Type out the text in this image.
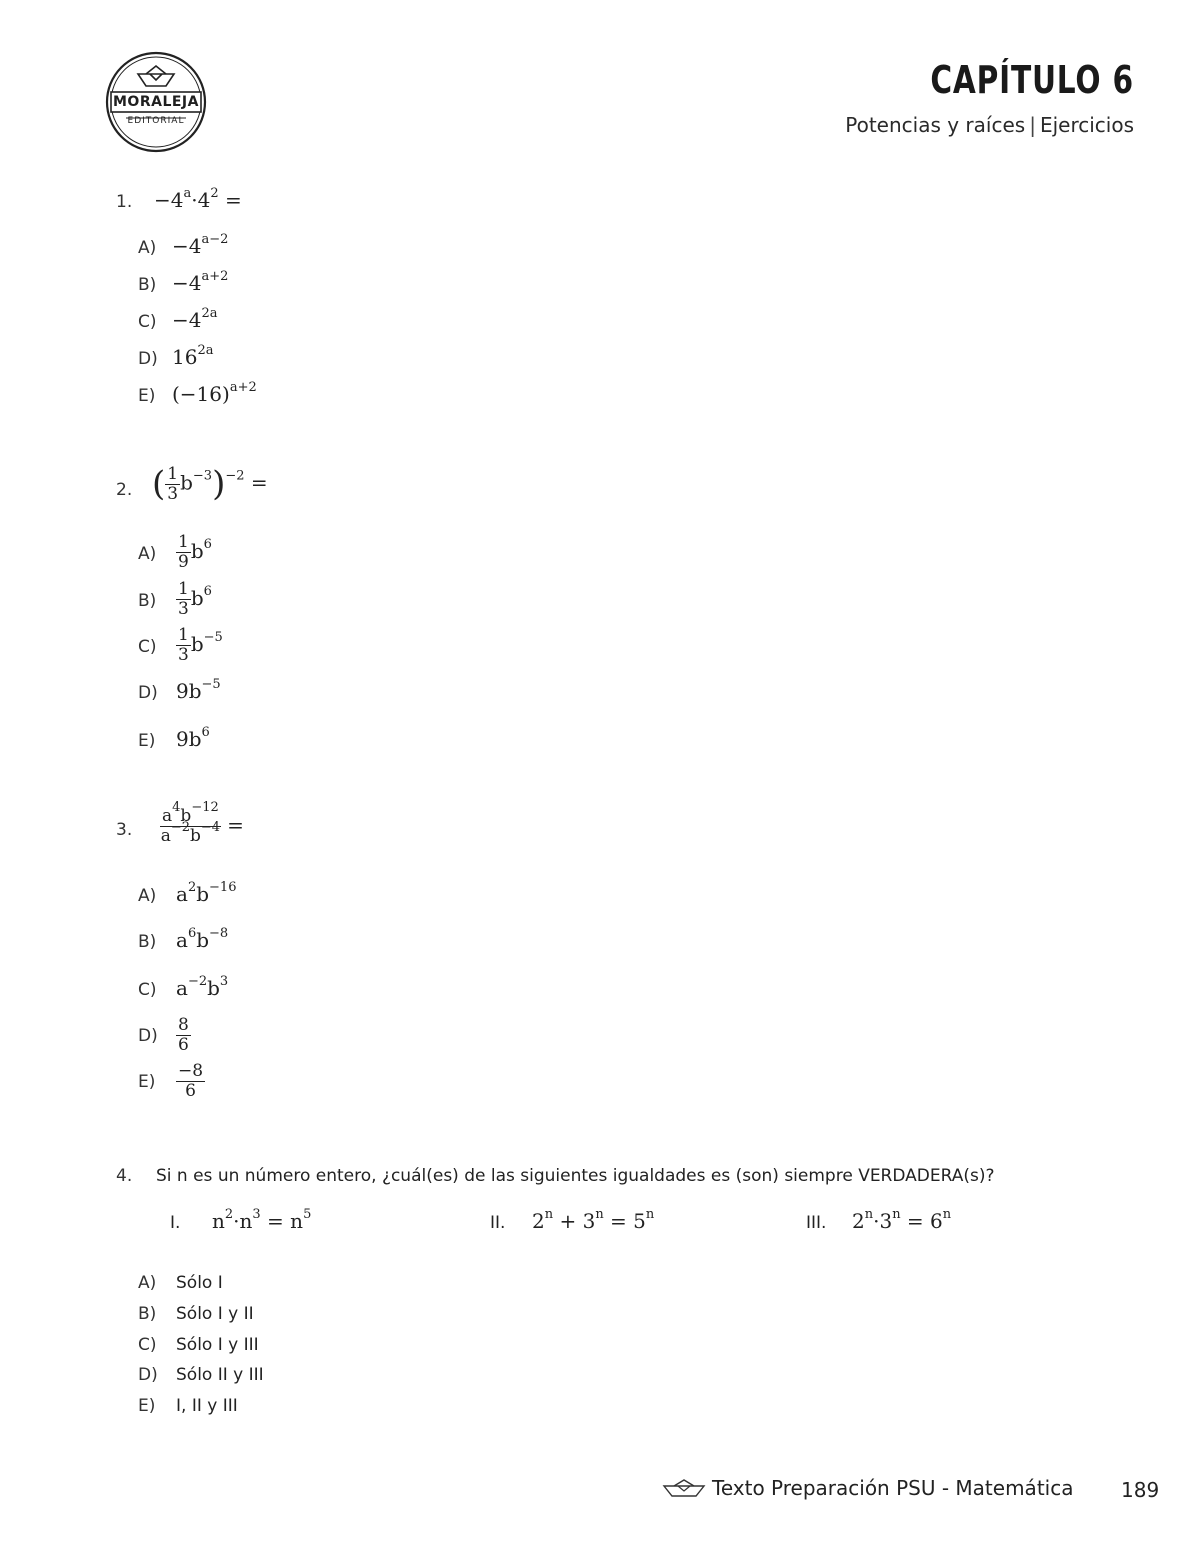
MORALEJA
EDITORIAL
CAPÍTULO 6
Potencias y raíces | Ejercicios
1. $-4^a\cdot 4^2$ =
$A) -4^{a-2}$
$B) -4^{a+2}$
$C) -4^{2a}$
D) $16^{2a}$
E) $(-16)^{a+2}$
2. ( $\frac{1}{3} b^{-3})^{-2}$ =
$A) \frac{1}{9} b^6$
$B) \frac{1}{3} b^6$
$C) \frac{1}{3} b^{-5}$
D) $9b^{-5}$
E) $9b^6$
3. $\frac{a^4b^{-12}}{a^{-2}b^{-4}}$ =
A) $a^2b^{-16}$
B) $a^6b^{-8}$
C) $a^{-2}b^3$
$D) \frac{8}{6}$
$E) \frac{-8}{6}$
4. Si n es un número entero, ¿cuál(es) de las siguientes igualdades es (son) siempre VERDADERA(s)?
I. $n^2\cdot n^3 = n^5$	II. $2^n + 3^n = 5^n$	III. $2^n\cdot 3^n = 6^n$
A) Sólo I
B) Sólo I y II
C) Sólo I y III
D) Sólo II y III
E) I, II y III
Texto Preparación PSU - Matemática 189
